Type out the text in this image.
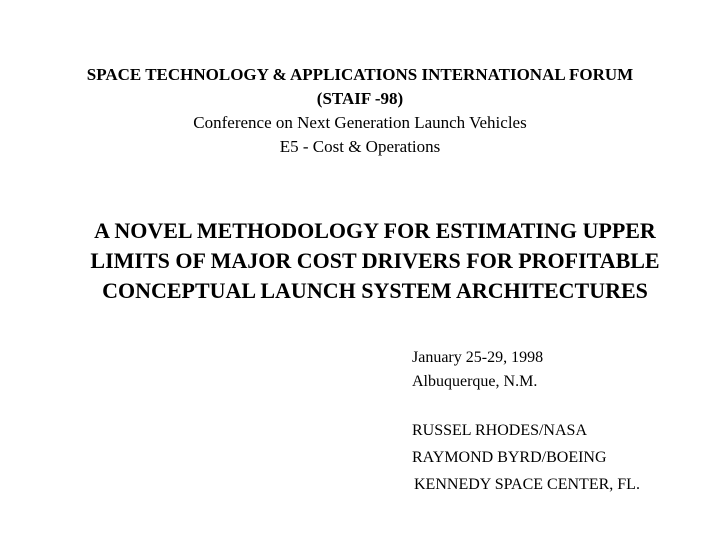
SPACE TECHNOLOGY & APPLICATIONS INTERNATIONAL FORUM
(STAIF -98)
Conference on Next Generation Launch Vehicles
E5 - Cost & Operations
A NOVEL METHODOLOGY FOR ESTIMATING UPPER
LIMITS OF MAJOR COST DRIVERS FOR PROFITABLE
CONCEPTUAL LAUNCH SYSTEM ARCHITECTURES
January 25-29, 1998
Albuquerque, N.M.
RUSSEL RHODES/NASA
RAYMOND BYRD/BOEING
KENNEDY SPACE CENTER, FL.
